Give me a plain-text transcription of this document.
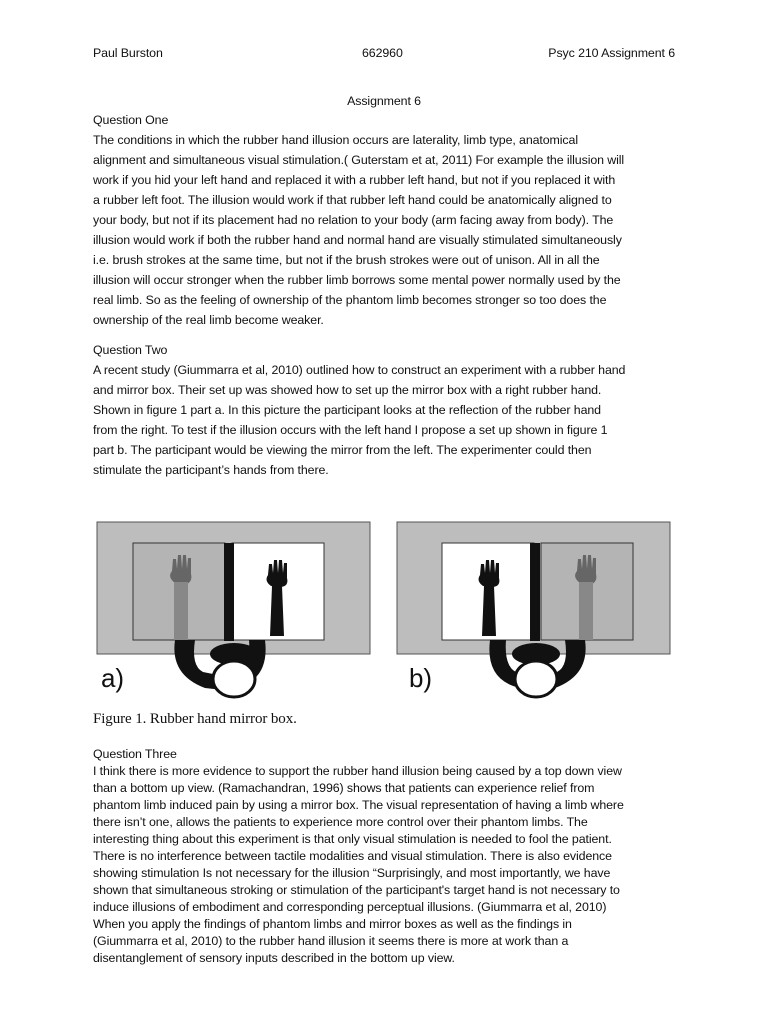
Paul Burston	662960	Psyc 210 Assignment 6
Assignment 6
Question One
The conditions in which the rubber hand illusion occurs are laterality, limb type, anatomical
alignment and simultaneous visual stimulation.( Guterstam et at, 2011) For example the illusion will
work if you hid your left hand and replaced it with a rubber left hand, but not if you replaced it with
a rubber left foot. The illusion would work if that rubber left hand could be anatomically aligned to
your body, but not if its placement had no relation to your body (arm facing away from body). The
illusion would work if both the rubber hand and normal hand are visually stimulated simultaneously
i.e. brush strokes at the same time, but not if the brush strokes were out of unison. All in all the
illusion will occur stronger when the rubber limb borrows some mental power normally used by the
real limb. So as the feeling of ownership of the phantom limb becomes stronger so too does the
ownership of the real limb become weaker.
Question Two
A recent study (Giummarra et al, 2010) outlined how to construct an experiment with a rubber hand
and mirror box. Their set up was showed how to set up the mirror box with a right rubber hand.
Shown in figure 1 part a. In this picture the participant looks at the reflection of the rubber hand
from the right. To test if the illusion occurs with the left hand I propose a set up shown in figure 1
part b. The participant would be viewing the mirror from the left. The experimenter could then
stimulate the participant’s hands from there.
a)	b)
Figure 1. Rubber hand mirror box.
Question Three
I think there is more evidence to support the rubber hand illusion being caused by a top down view
than a bottom up view. (Ramachandran, 1996) shows that patients can experience relief from
phantom limb induced pain by using a mirror box. The visual representation of having a limb where
there isn’t one, allows the patients to experience more control over their phantom limbs. The
interesting thing about this experiment is that only visual stimulation is needed to fool the patient.
There is no interference between tactile modalities and visual stimulation. There is also evidence
showing stimulation Is not necessary for the illusion “Surprisingly, and most importantly, we have
shown that simultaneous stroking or stimulation of the participant's target hand is not necessary to
induce illusions of embodiment and corresponding perceptual illusions. (Giummarra et al, 2010)
When you apply the findings of phantom limbs and mirror boxes as well as the findings in
(Giummarra et al, 2010) to the rubber hand illusion it seems there is more at work than a
disentanglement of sensory inputs described in the bottom up view.
